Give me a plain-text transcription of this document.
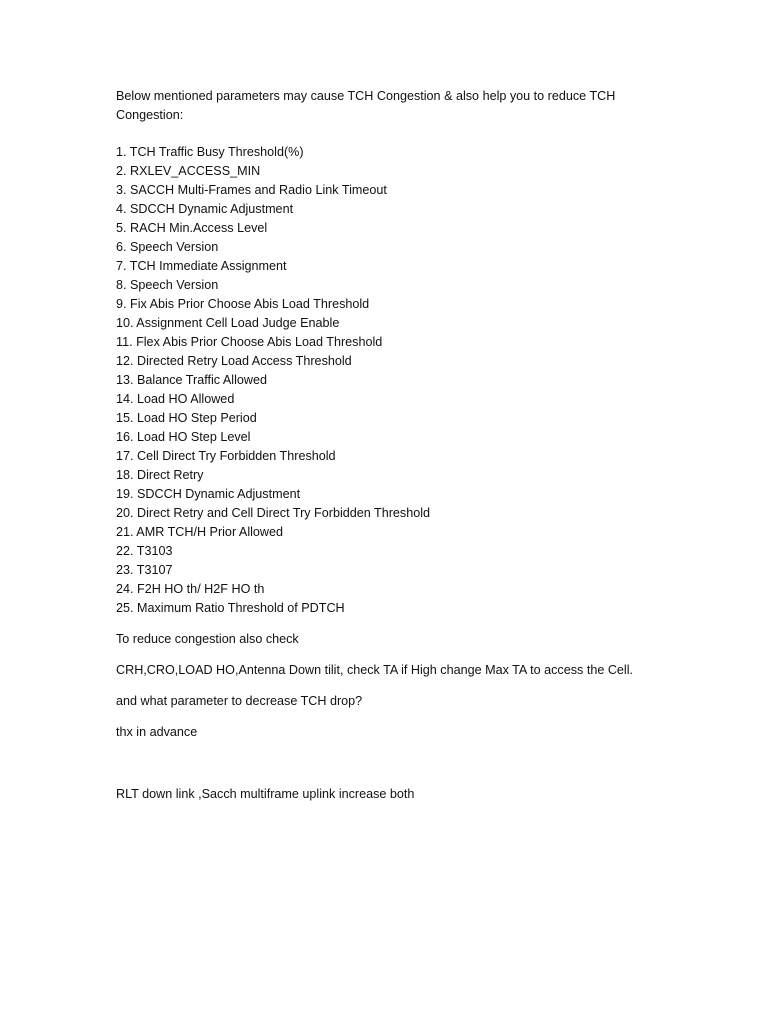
Below mentioned parameters may cause TCH Congestion & also help you to reduce TCH Congestion:

1. TCH Traffic Busy Threshold(%)
2. RXLEV_ACCESS_MIN
3. SACCH Multi-Frames and Radio Link Timeout
4. SDCCH Dynamic Adjustment
5. RACH Min.Access Level
6. Speech Version
7. TCH Immediate Assignment
8. Speech Version
9. Fix Abis Prior Choose Abis Load Threshold
10. Assignment Cell Load Judge Enable
11. Flex Abis Prior Choose Abis Load Threshold
12. Directed Retry Load Access Threshold
13. Balance Traffic Allowed
14. Load HO Allowed
15. Load HO Step Period
16. Load HO Step Level
17. Cell Direct Try Forbidden Threshold
18. Direct Retry
19. SDCCH Dynamic Adjustment
20. Direct Retry and Cell Direct Try Forbidden Threshold
21. AMR TCH/H Prior Allowed
22. T3103
23. T3107
24. F2H HO th/ H2F HO th
25. Maximum Ratio Threshold of PDTCH

To reduce congestion also check

CRH,CRO,LOAD HO,Antenna Down tilit, check TA if High change Max TA to access the Cell.

and what parameter to decrease TCH drop?

thx in advance

RLT down link ,Sacch multiframe uplink increase both
